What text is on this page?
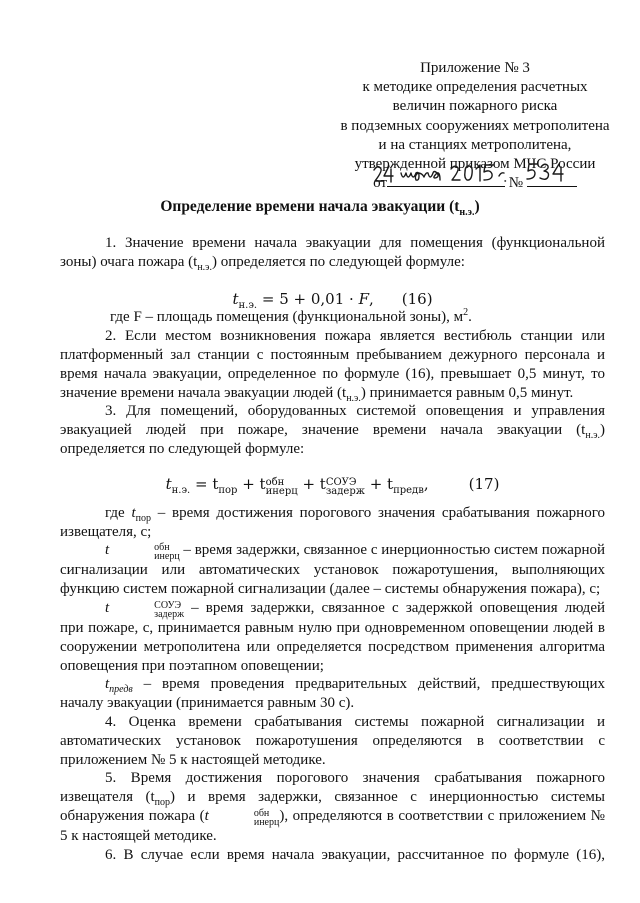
Приложение № 3
к методике определения расчетных
величин пожарного риска
в подземных сооружениях метрополитена
и на станциях метрополитена,
утвержденной приказом МЧС России
от	№
Определение времени начала эвакуации $(t_{н.э.})$

1. Значение времени начала эвакуации для помещения (функциональной зоны) очага пожара $(t_{н.э.})$ определяется по следующей формуле:

$t_{н.э.} = 5 + 0,01 \cdot F$, (16)

где F – площадь помещения (функциональной зоны), $м^2$.

2. Если местом возникновения пожара является вестибюль станции или платформенный зал станции с постоянным пребыванием дежурного персонала и время начала эвакуации, определенное по формуле (16), превышает 0,5 минут, то значение времени начала эвакуации людей $(t_{н.э.})$ принимается равным 0,5 минут.

3. Для помещений, оборудованных системой оповещения и управления эвакуацией людей при пожаре, значение времени начала эвакуации $(t_{н.э.})$ определяется по следующей формуле:

$t_{н.э.} = t_{пор} + t$ обн
инерц + t СОУЭ
задерж + $t_{предв}$,	(17)

где $t_{пор}$ – время достижения порогового значения срабатывания пожарного извещателя, с;

t	обн
инерц – время задержки, связанное с инерционностью систем пожарной сигнализации или автоматических установок пожаротушения, выполняющих функцию систем пожарной сигнализации (далее – системы обнаружения пожара), с;

t	СОУЭ
задерж – время задержки, связанное с задержкой оповещения людей при пожаре, с, принимается равным нулю при одновременном оповещении людей в сооружении метрополитена или определяется посредством применения алгоритма оповещения при поэтапном оповещении;

$t_{предв}$ – время проведения предварительных действий, предшествующих началу эвакуации (принимается равным 30 с).

4. Оценка времени срабатывания системы пожарной сигнализации и автоматических установок пожаротушения определяются в соответствии с приложением № 5 к настоящей методике.

5. Время достижения порогового значения срабатывания пожарного извещателя $(t_{пор})$ и время задержки, связанное с инерционностью системы обнаружения пожара (t	обн
инерц ), определяются в соответствии с приложением № 5 к настоящей методике.

6. В случае если время начала эвакуации, рассчитанное по формуле (16),
